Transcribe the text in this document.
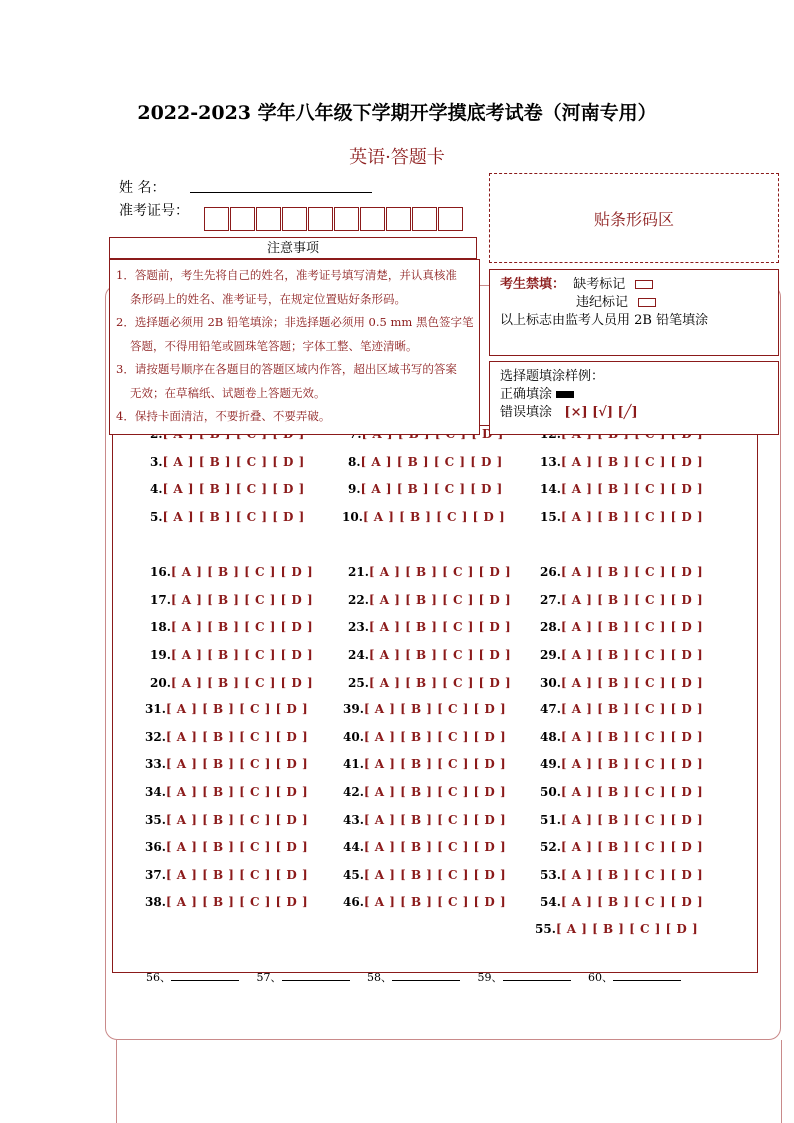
2022-2023 学年八年级下学期开学摸底考试卷（河南专用）
英语·答题卡
姓 名：
准考证号：	贴条形码区
D
注意事项

1．答题前，考生先将自己的姓名，准考证号填写清楚，并认真核准

条形码上的姓名、准考证号，在规定位置贴好条形码。

2．选择题必须用 2B 铅笔填涂；非选择题必须用 0.5 mm 黑色签字笔

答题，不得用铅笔或圆珠笔答题；字体工整、笔迹清晰。

3．请按题号顺序在各题目的答题区域内作答，超出区域书写的答案

无效；在草稿纸、试题卷上答题无效。

4．保持卡面清洁，不要折叠、不要弄破。

考生禁填： 缺考标记
违纪标记
以上标志由监考人员用 2B 铅笔填涂
选择题填涂样例：
正确填涂
错误填涂 [×] [√] [╱]
3.[ A ] [ B ] [ C ] [ D ]	8.[ A ] [ B ] [ C ] [ D ]	13.[ A ] [ B ] [ C ] [ D ]
4.[ A ] [ B ] [ C ] [ D ]	9.[ A ] [ B ] [ C ] [ D ]	14.[ A ] [ B ] [ C ] [ D ]
5.[ A ] [ B ] [ C ] [ D ]	10.[ A ] [ B ] [ C ] [ D ]	15.[ A ] [ B ] [ C ] [ D ]
16.[ A ] [ B ] [ C ] [ D ]	21.[ A ] [ B ] [ C ] [ D ] 26.[ A ] [ B ] [ C ] [ D ]
17.[ A ] [ B ] [ C ] [ D ]	22.[ A ] [ B ] [ C ] [ D ] 27.[ A ] [ B ] [ C ] [ D ]
18.[ A ] [ B ] [ C ] [ D ]	23.[ A ] [ B ] [ C ] [ D ] 28.[ A ] [ B ] [ C ] [ D ]
19.[ A ] [ B ] [ C ] [ D ]	24.[ A ] [ B ] [ C ] [ D ] 29.[ A ] [ B ] [ C ] [ D ]
20.[ A ] [ B ] [ C ] [ D ]	25.[ A ] [ B ] [ C ] [ D ] 30.[ A ] [ B ] [ C ] [ D ]
31.[ A ] [ B ] [ C ] [ D ]	39.[ A ] [ B ] [ C ] [ D ]	47.[ A ] [ B ] [ C ] [ D ]
32.[ A ] [ B ] [ C ] [ D ]	40.[ A ] [ B ] [ C ] [ D ]	48.[ A ] [ B ] [ C ] [ D ]
33.[ A ] [ B ] [ C ] [ D ]	41.[ A ] [ B ] [ C ] [ D ]	49.[ A ] [ B ] [ C ] [ D ]
34.[ A ] [ B ] [ C ] [ D ]	42.[ A ] [ B ] [ C ] [ D ]	50.[ A ] [ B ] [ C ] [ D ]
35.[ A ] [ B ] [ C ] [ D ]	43.[ A ] [ B ] [ C ] [ D ]	51.[ A ] [ B ] [ C ] [ D ]
36.[ A ] [ B ] [ C ] [ D ]	44.[ A ] [ B ] [ C ] [ D ]	52.[ A ] [ B ] [ C ] [ D ]
37.[ A ] [ B ] [ C ] [ D ]	45.[ A ] [ B ] [ C ] [ D ]	53.[ A ] [ B ] [ C ] [ D ]
38.[ A ] [ B ] [ C ] [ D ]	46.[ A ] [ B ] [ C ] [ D ]	54.[ A ] [ B ] [ C ] [ D ]
55.[ A ] [ B ] [ C ] [ D ]
56、	57、	58、	59、	60、
